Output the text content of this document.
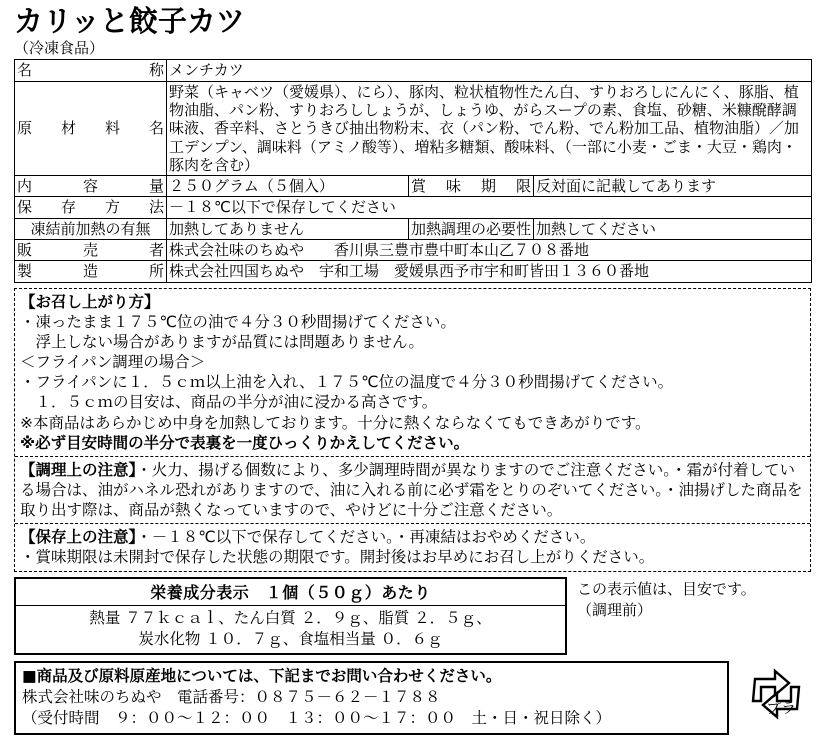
カリッと餃子カツ
（冷凍食品）
名　　　　　称	メンチカツ		
原　材　料　名	野菜（キャベツ（愛媛県）、にら）、豚肉、粒状植物性たん白、すりおろしにんにく、豚脂、植物油脂、パン粉、すりおろししょうが、しょうゆ、がらスープの素、食塩、砂糖、米糠醗酵調味液、香辛料、さとうきび抽出物粉末、衣（パン粉、でん粉、でん粉加工品、植物油脂）／加工デンプン、調味料（アミノ酸等）、増粘多糖類、酸味料、（一部に小麦・ごま・大豆・鶏肉・豚肉を含む）		
内　　容　　量	２５０グラム（５個入）	賞　味　期　限	反対面に記載してあります
保　存　方　法	－１８℃以下で保存してください		
凍結前加熱の有無	加熱してありません	加熱調理の必要性	加熱してください
販　　売　　者	株式会社味のちぬや　　香川県三豊市豊中町本山乙７０８番地		
製　　造　　所	株式会社四国ちぬや　宇和工場　愛媛県西予市宇和町皆田１３６０番地		
【お召し上がり方】
・凍ったまま１７５℃位の油で４分３０秒間揚げてください。
　浮上しない場合がありますが品質には問題ありません。
＜フライパン調理の場合＞
・フライパンに１．５ｃｍ以上油を入れ、１７５℃位の温度で４分３０秒間揚げてください。
　１．５ｃｍの目安は、商品の半分が油に浸かる高さです。
※本商品はあらかじめ中身を加熱しております。十分に熱くならなくてもできあがりです。
※必ず目安時間の半分で表裏を一度ひっくりかえしてください。
【調理上の注意】・火力、揚げる個数により、多少調理時間が異なりますのでご注意ください。・霜が付着している場合は、油がハネル恐れがありますので、油に入れる前に必ず霜をとりのぞいてください。・油揚げした商品を取り出す際は、商品が熱くなっていますので、やけどに十分ご注意ください。
【保存上の注意】・－１８℃以下で保存してください。・再凍結はおやめください。
・賞味期限は未開封で保存した状態の期限です。開封後はお早めにお召し上がりください。
栄養成分表示　１個（５０ｇ）あたり
熱量 ７７ｋｃａｌ、たん白質 ２．９ｇ、脂質 ２．５ｇ、
炭水化物 １０．７ｇ、食塩相当量 ０．６ｇ
この表示値は、目安です。
（調理前）
■商品及び原料原産地については、下記までお問い合わせください。
株式会社味のちぬや　電話番号：０８７５－６２－１７８８
（受付時間　９：００～１２：００　１３：００～１７：００　土・日・祝日除く）
プラ
